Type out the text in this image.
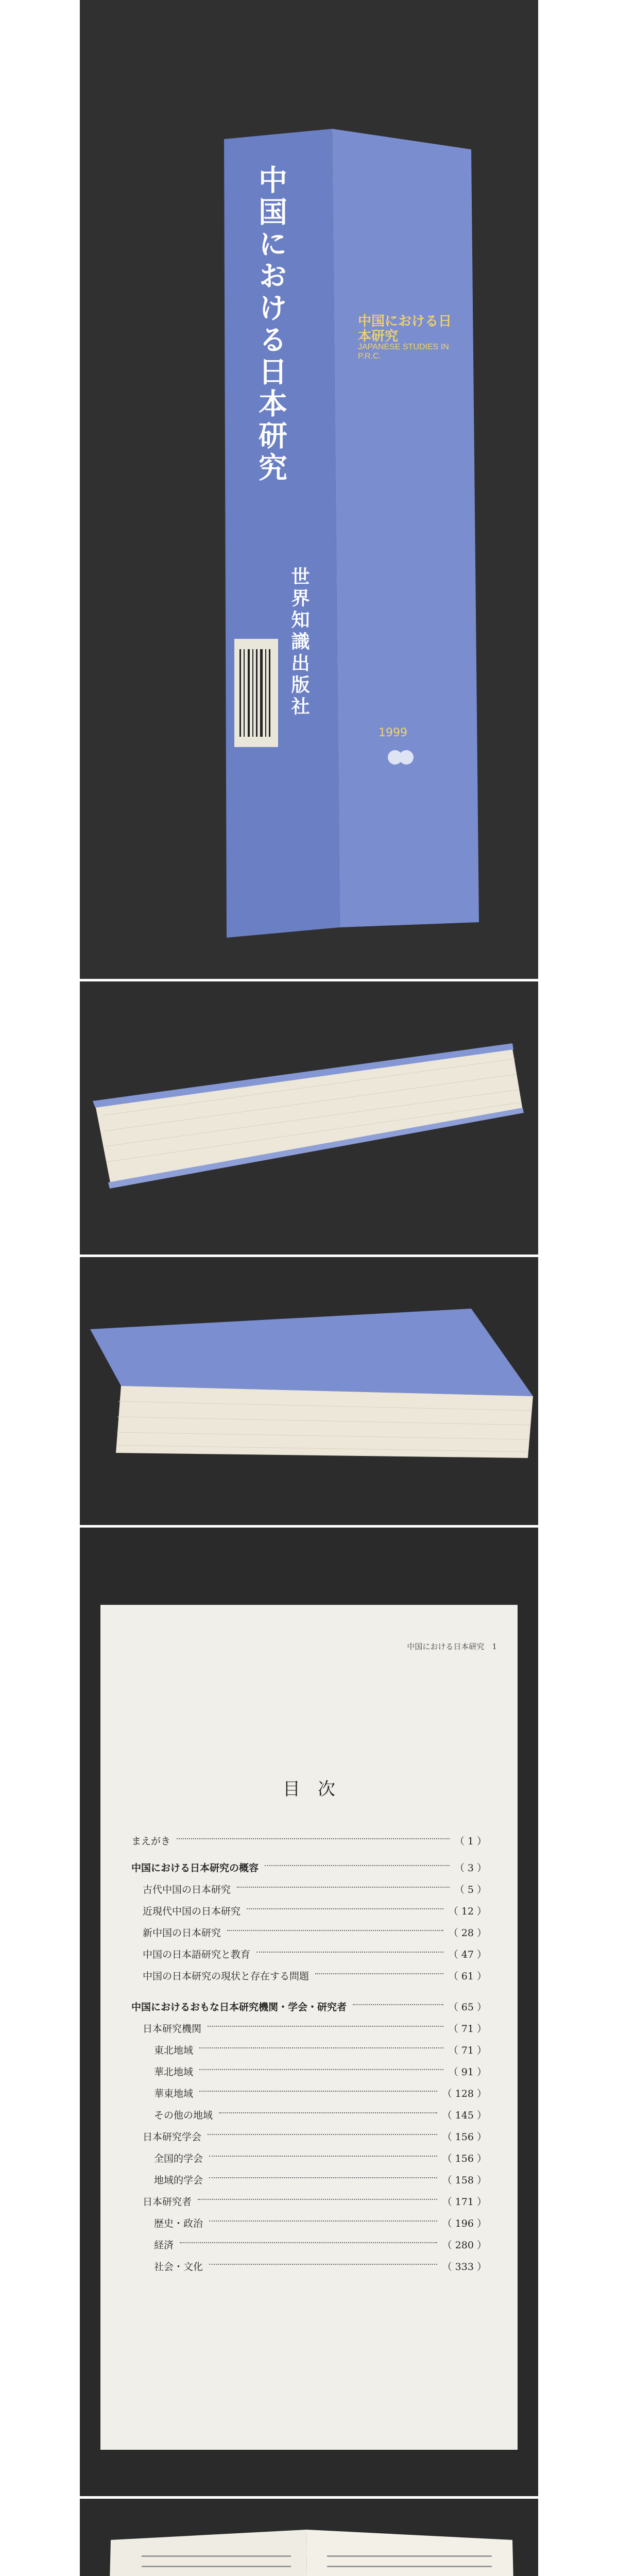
中国における日本研究
世界知識出版社
中国における日本研究
JAPANESE STUDIES IN P.R.C.
1999
中国における日本研究　 1
目　次
まえがき	（ 1 ）
中国における日本研究の概容	（ 3 ）
古代中国の日本研究	（ 5 ）
近現代中国の日本研究	（ 12 ）
新中国の日本研究	（ 28 ）
中国の日本語研究と教育	（ 47 ）
中国の日本研究の現状と存在する問題	（ 61 ）
中国におけるおもな日本研究機関・学会・研究者	（ 65 ）
日本研究機関	（ 71 ）
東北地域	（ 71 ）
華北地域	（ 91 ）
華東地域	（ 128 ）
その他の地域	（ 145 ）
日本研究学会	（ 156 ）
全国的学会	（ 156 ）
地域的学会	（ 158 ）
日本研究者	（ 171 ）
歴史・政治	（ 196 ）
経済	（ 280 ）
社会・文化	（ 333 ）
